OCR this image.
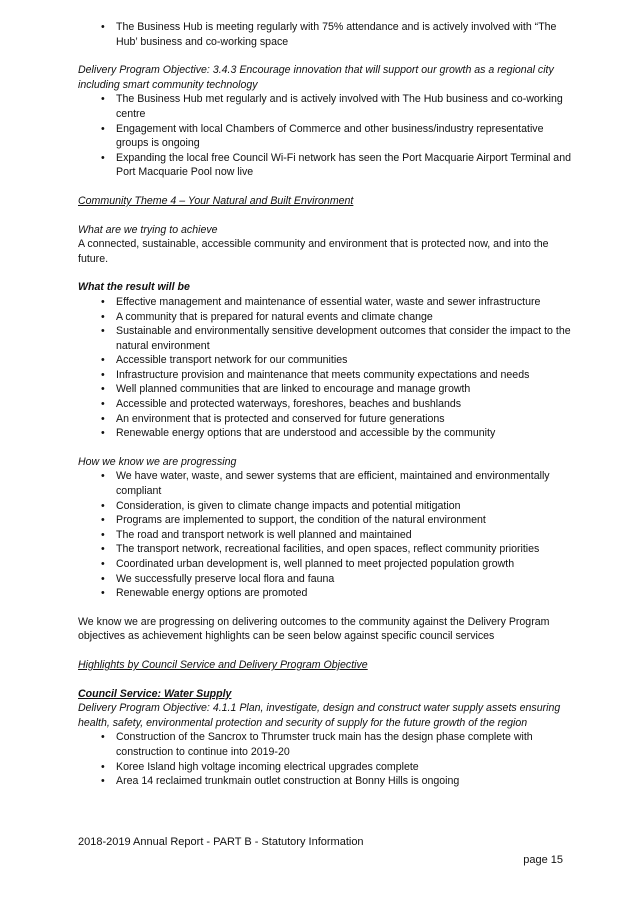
• The Business Hub is meeting regularly with 75% attendance and is actively involved with “The Hub’ business and co-working space

Delivery Program Objective: 3.4.3 Encourage innovation that will support our growth as a regional city including smart community technology

• The Business Hub met regularly and is actively involved with The Hub business and co-working centre
• Engagement with local Chambers of Commerce and other business/industry representative groups is ongoing
• Expanding the local free Council Wi-Fi network has seen the Port Macquarie Airport Terminal and Port Macquarie Pool now live

Community Theme 4 – Your Natural and Built Environment

What are we trying to achieve

A connected, sustainable, accessible community and environment that is protected now, and into the future.

What the result will be

• Effective management and maintenance of essential water, waste and sewer infrastructure
• A community that is prepared for natural events and climate change
• Sustainable and environmentally sensitive development outcomes that consider the impact to the natural environment
• Accessible transport network for our communities
• Infrastructure provision and maintenance that meets community expectations and needs
• Well planned communities that are linked to encourage and manage growth
• Accessible and protected waterways, foreshores, beaches and bushlands
• An environment that is protected and conserved for future generations
• Renewable energy options that are understood and accessible by the community

How we know we are progressing

• We have water, waste, and sewer systems that are efficient, maintained and environmentally compliant
• Consideration, is given to climate change impacts and potential mitigation
• Programs are implemented to support, the condition of the natural environment
• The road and transport network is well planned and maintained
• The transport network, recreational facilities, and open spaces, reflect community priorities
• Coordinated urban development is, well planned to meet projected population growth
• We successfully preserve local flora and fauna
• Renewable energy options are promoted

We know we are progressing on delivering outcomes to the community against the Delivery Program objectives as achievement highlights can be seen below against specific council services

Highlights by Council Service and Delivery Program Objective

Council Service: Water Supply

Delivery Program Objective: 4.1.1 Plan, investigate, design and construct water supply assets ensuring health, safety, environmental protection and security of supply for the future growth of the region

• Construction of the Sancrox to Thrumster truck main has the design phase complete with construction to continue into 2019-20
• Koree Island high voltage incoming electrical upgrades complete
• Area 14 reclaimed trunkmain outlet construction at Bonny Hills is ongoing
2018-2019 Annual Report - PART B - Statutory Information
page 15
